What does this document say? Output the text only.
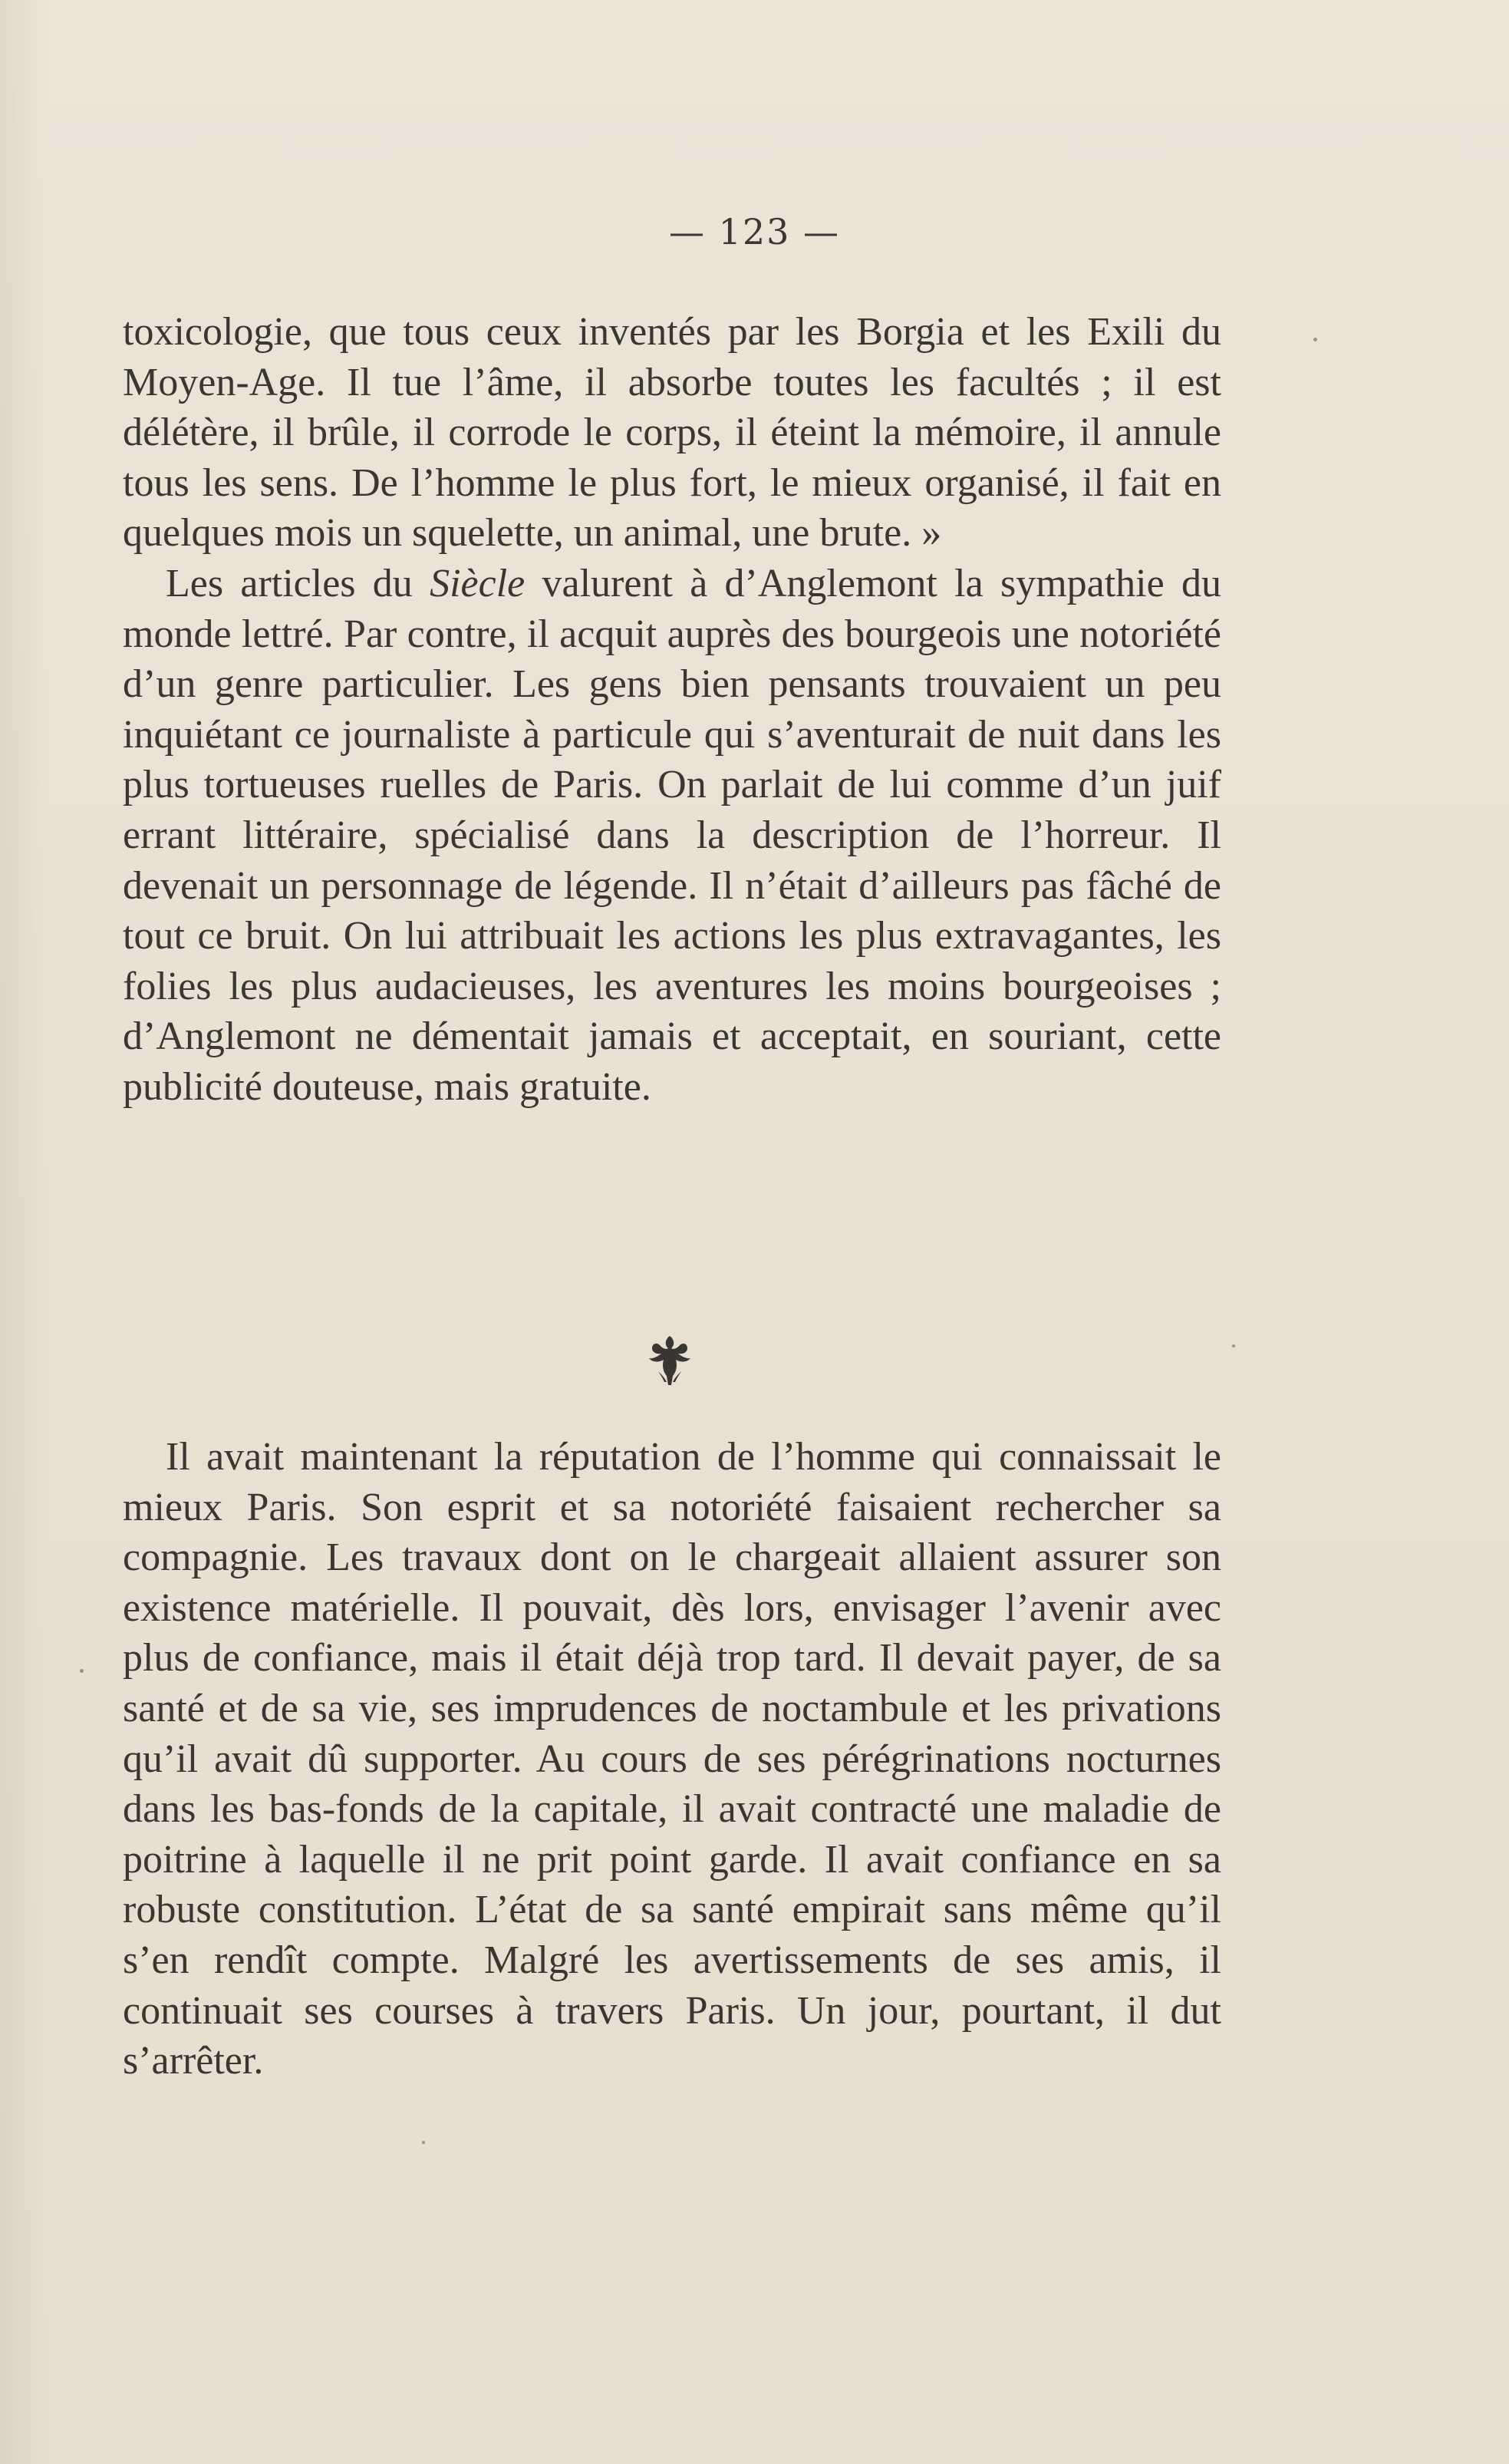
— 123 —

toxicologie, que tous ceux inventés par les Borgia et les Exili du Moyen-Age. Il tue l’âme, il absorbe toutes les facultés ; il est délétère, il brûle, il corrode le corps, il éteint la mémoire, il annule tous les sens. De l’homme le plus fort, le mieux organisé, il fait en quelques mois un squelette, un animal, une brute. »

Les articles du Siècle valurent à d’Anglemont la sympathie du monde lettré. Par contre, il acquit auprès des bourgeois une notoriété d’un genre particulier. Les gens bien pensants trouvaient un peu inquiétant ce journaliste à particule qui s’aventurait de nuit dans les plus tortueuses ruelles de Paris. On parlait de lui comme d’un juif errant littéraire, spécialisé dans la description de l’horreur. Il devenait un personnage de légende. Il n’était d’ailleurs pas fâché de tout ce bruit. On lui attribuait les actions les plus extravagantes, les folies les plus audacieuses, les aventures les moins bourgeoises ; d’Anglemont ne démentait jamais et acceptait, en souriant, cette publicité douteuse, mais gratuite.

Il avait maintenant la réputation de l’homme qui connaissait le mieux Paris. Son esprit et sa notoriété faisaient rechercher sa compagnie. Les travaux dont on le chargeait allaient assurer son existence matérielle. Il pouvait, dès lors, envisager l’avenir avec plus de confiance, mais il était déjà trop tard. Il devait payer, de sa santé et de sa vie, ses imprudences de noctambule et les privations qu’il avait dû supporter. Au cours de ses pérégrinations nocturnes dans les bas-fonds de la capitale, il avait contracté une maladie de poitrine à laquelle il ne prit point garde. Il avait confiance en sa robuste constitution. L’état de sa santé empirait sans même qu’il s’en rendît compte. Malgré les avertissements de ses amis, il continuait ses courses à travers Paris. Un jour, pourtant, il dut s’arrêter.
